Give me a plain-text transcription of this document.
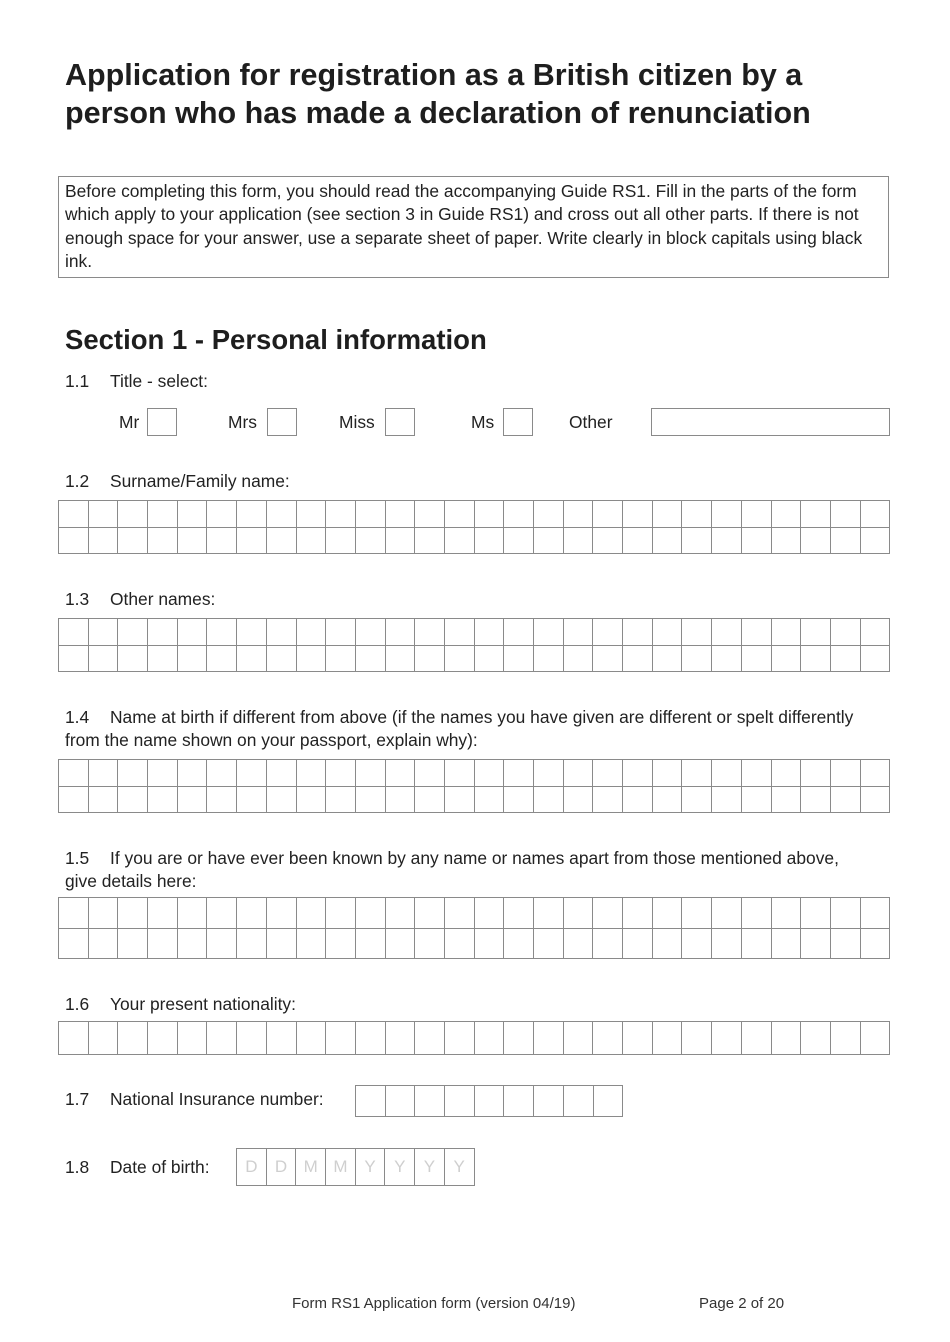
Application for registration as a British citizen by a person who has made a declaration of renunciation
Before completing this form, you should read the accompanying Guide RS1. Fill in the parts of the form which apply to your application (see section 3 in Guide RS1) and cross out all other parts. If there is not enough space for your answer, use a separate sheet of paper. Write clearly in block capitals using black ink.
Section 1 - Personal information
1.1 Title - select:
Mr	Mrs	Miss	Ms	Other
1.2 Surname/Family name:
1.3 Other names:
1.4 Name at birth if different from above (if the names you have given are different or spelt differently from the name shown on your passport, explain why):
1.5 If you are or have ever been known by any name or names apart from those mentioned above, give details here:
1.6 Your present nationality:
1.7 National Insurance number:
1.8 Date of birth:	D	D M M Y	Y	Y	Y
Form RS1 Application form (version 04/19)	Page 2 of 20
